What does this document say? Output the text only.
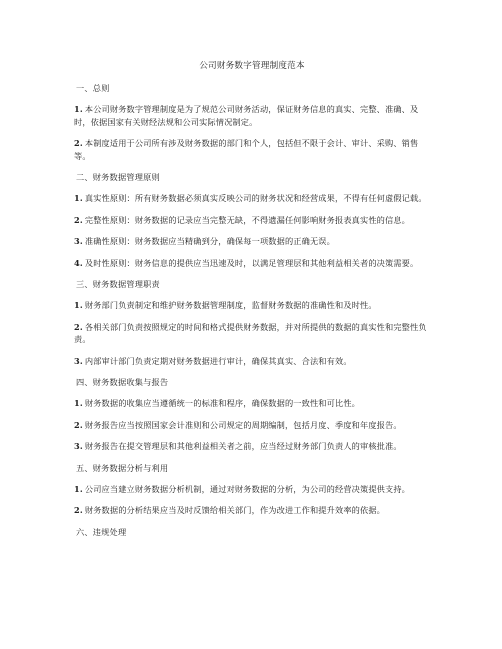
公司财务数字管理制度范本
一、总则
1. 本公司财务数字管理制度是为了规范公司财务活动，保证财务信息的真实、完整、准确、及时，依据国家有关财经法规和公司实际情况制定。
2. 本制度适用于公司所有涉及财务数据的部门和个人，包括但不限于会计、审计、采购、销售等。
二、财务数据管理原则
1. 真实性原则：所有财务数据必须真实反映公司的财务状况和经营成果，不得有任何虚假记载。
2. 完整性原则：财务数据的记录应当完整无缺，不得遗漏任何影响财务报表真实性的信息。
3. 准确性原则：财务数据应当精确到分，确保每一项数据的正确无误。
4. 及时性原则：财务信息的提供应当迅速及时，以满足管理层和其他利益相关者的决策需要。
三、财务数据管理职责
1. 财务部门负责制定和维护财务数据管理制度，监督财务数据的准确性和及时性。
2. 各相关部门负责按照规定的时间和格式提供财务数据，并对所提供的数据的真实性和完整性负责。
3. 内部审计部门负责定期对财务数据进行审计，确保其真实、合法和有效。
四、财务数据收集与报告
1. 财务数据的收集应当遵循统一的标准和程序，确保数据的一致性和可比性。
2. 财务报告应当按照国家会计准则和公司规定的周期编制，包括月度、季度和年度报告。
3. 财务报告在提交管理层和其他利益相关者之前，应当经过财务部门负责人的审核批准。
五、财务数据分析与利用
1. 公司应当建立财务数据分析机制，通过对财务数据的分析，为公司的经营决策提供支持。
2. 财务数据的分析结果应当及时反馈给相关部门，作为改进工作和提升效率的依据。
六、违规处理
